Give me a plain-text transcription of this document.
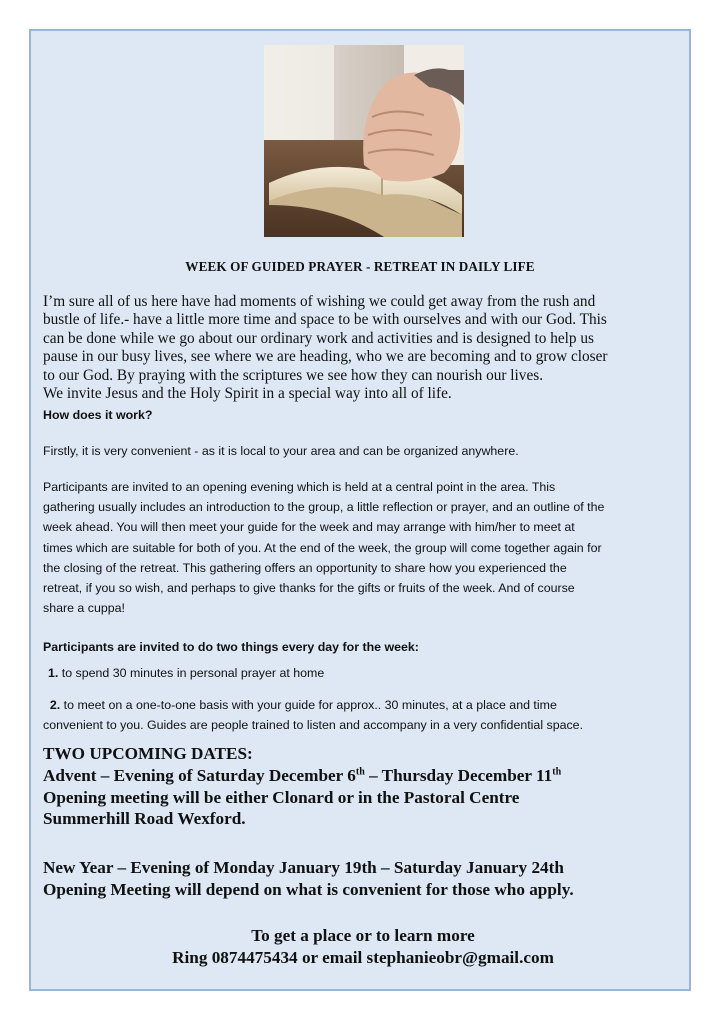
WEEK OF GUIDED PRAYER - RETREAT IN DAILY LIFE

I’m sure all of us here have had moments of wishing we could get away from the rush and
bustle of life.- have a little more time and space to be with ourselves and with our God. This
can be done while we go about our ordinary work and activities and is designed to help us
pause in our busy lives, see where we are heading, who we are becoming and to grow closer
to our God. By praying with the scriptures we see how they can nourish our lives.
We invite Jesus and the Holy Spirit in a special way into all of life.

How does it work?

Firstly, it is very convenient - as it is local to your area and can be organized anywhere.

Participants are invited to an opening evening which is held at a central point in the area. This
gathering usually includes an introduction to the group, a little reflection or prayer, and an outline of the
week ahead. You will then meet your guide for the week and may arrange with him/her to meet at
times which are suitable for both of you. At the end of the week, the group will come together again for
the closing of the retreat. This gathering offers an opportunity to share how you experienced the
retreat, if you so wish, and perhaps to give thanks for the gifts or fruits of the week. And of course
share a cuppa!

Participants are invited to do two things every day for the week:

1. to spend 30 minutes in personal prayer at home

2. to meet on a one-to-one basis with your guide for approx.. 30 minutes, at a place and time
convenient to you. Guides are people trained to listen and accompany in a very confidential space.

TWO UPCOMING DATES:
Advent – Evening of Saturday December 6th – Thursday December 11th
Opening meeting will be either Clonard or in the Pastoral Centre
Summerhill Road Wexford.
New Year – Evening of Monday January 19th – Saturday January 24th
Opening Meeting will depend on what is convenient for those who apply.
To get a place or to learn more
Ring 0874475434 or email stephanieobr@gmail.com
